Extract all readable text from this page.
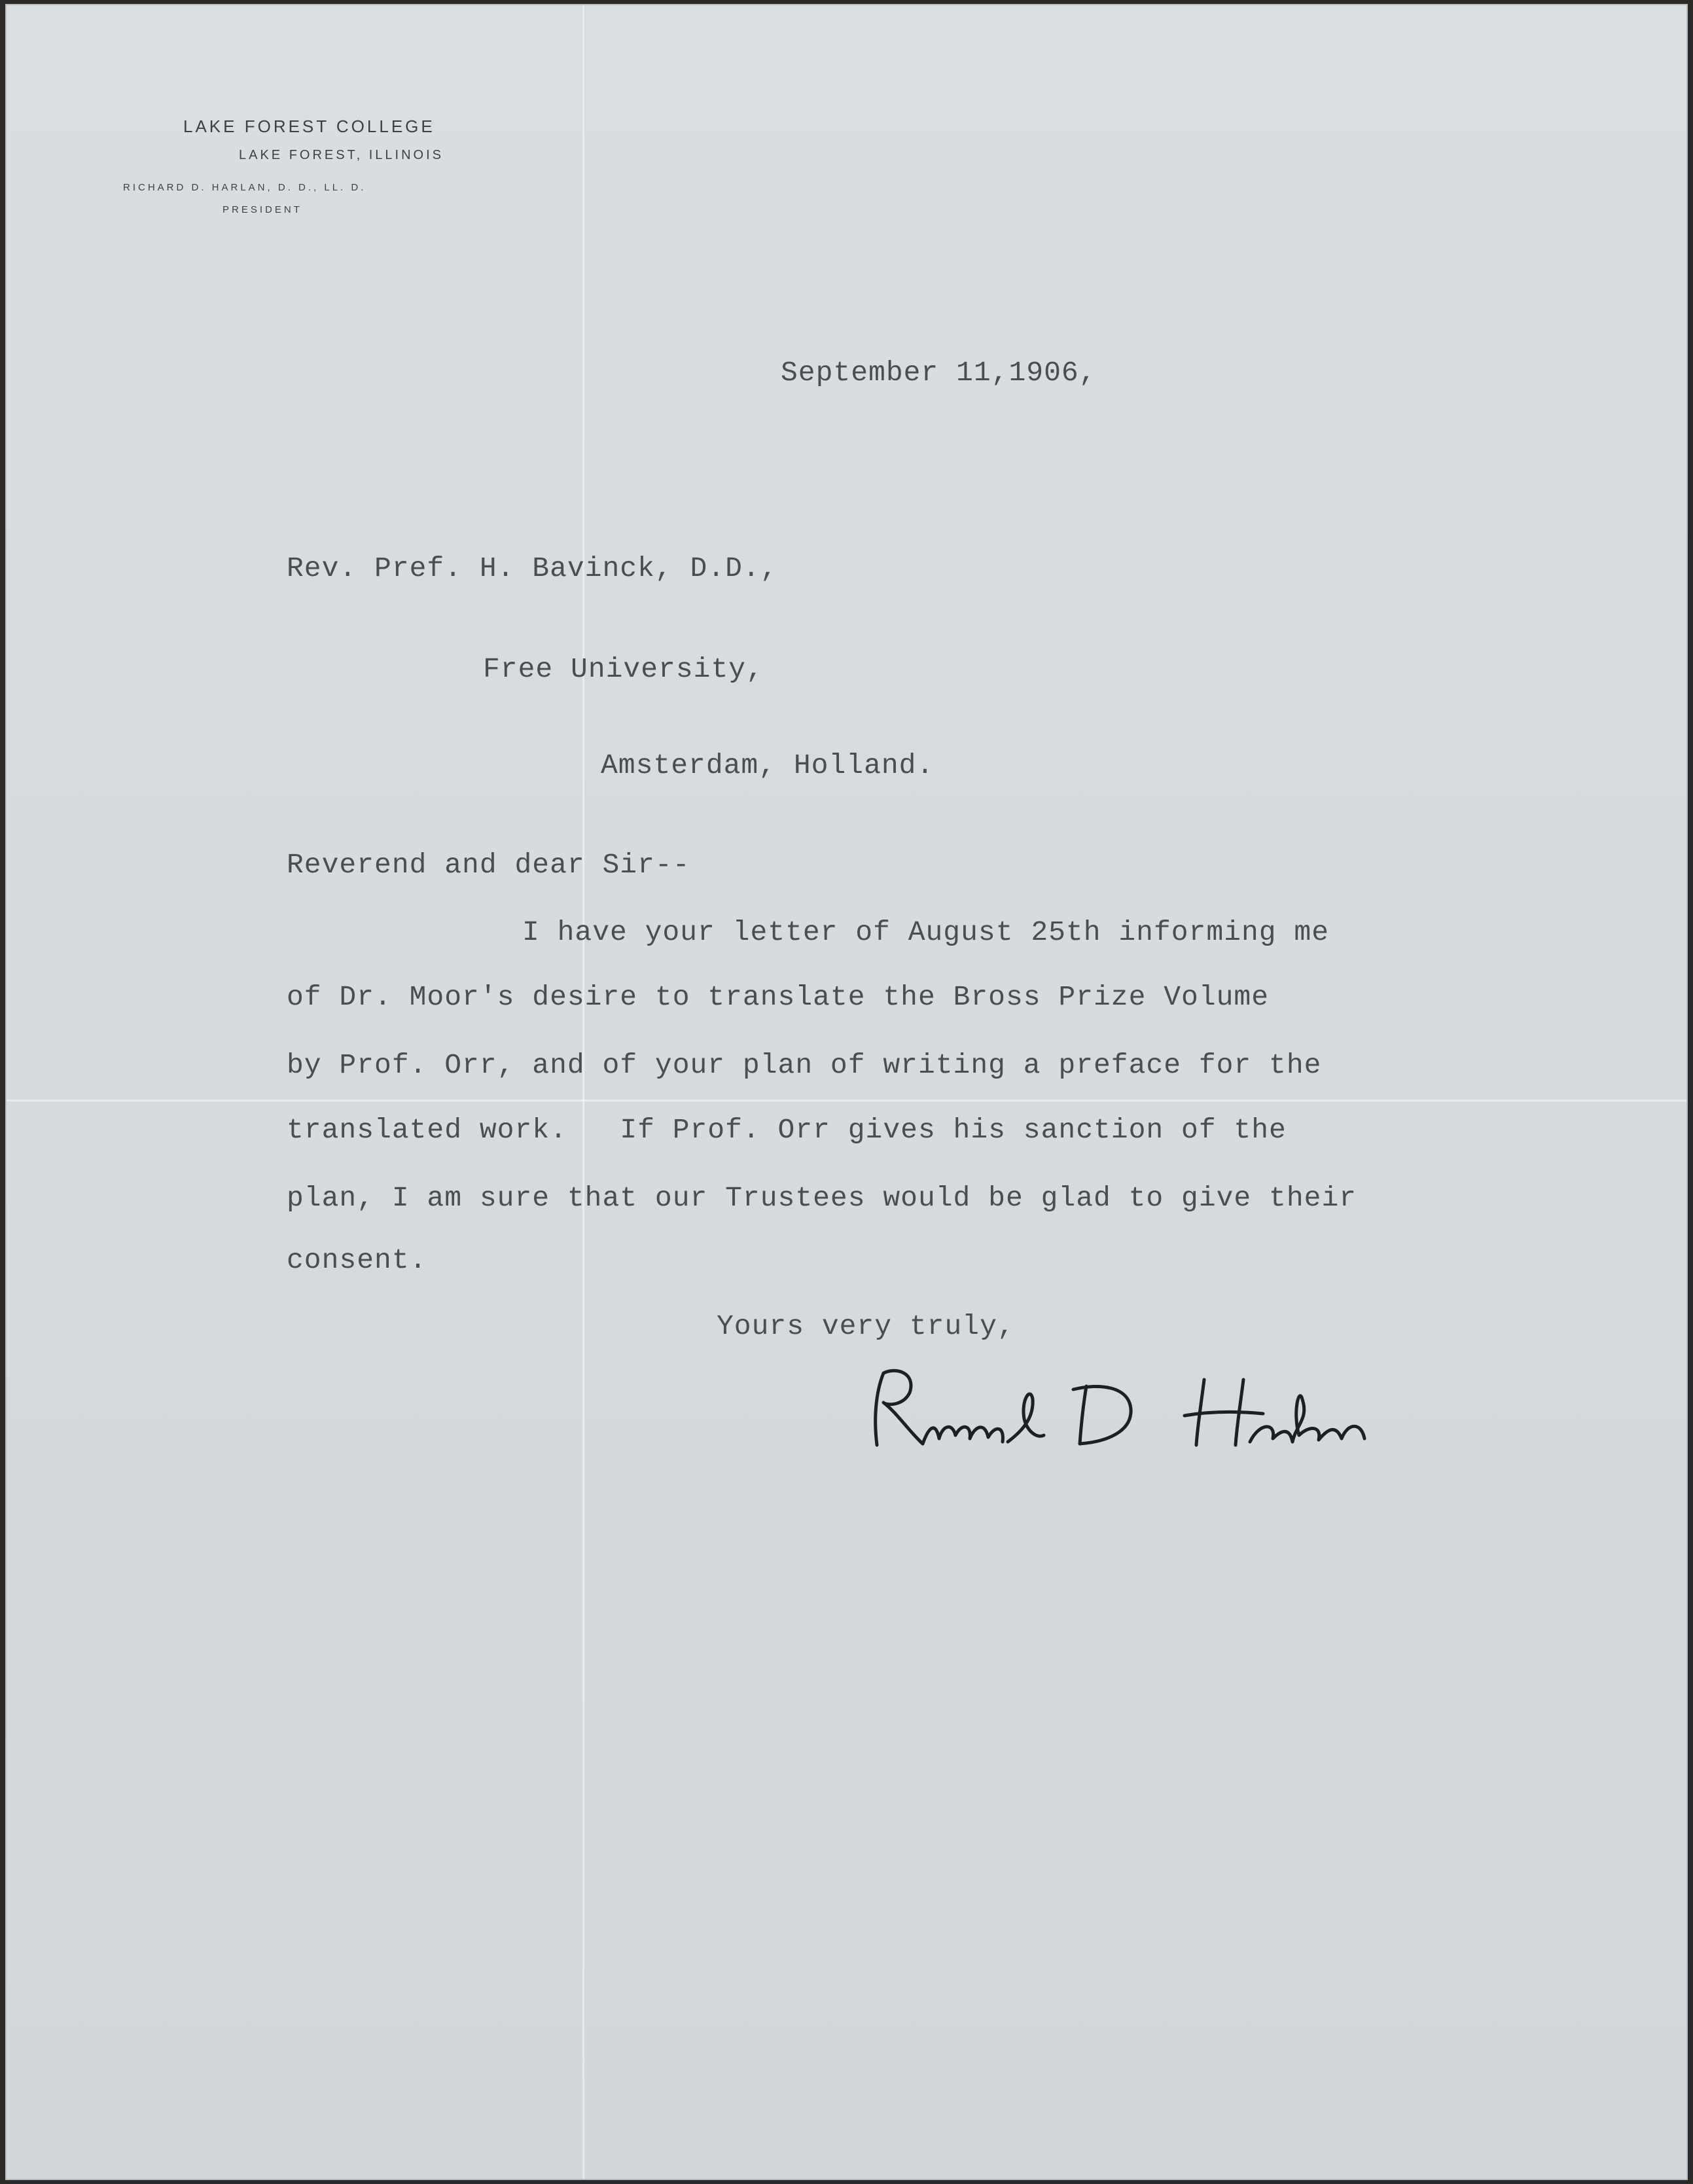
LAKE FOREST COLLEGE
LAKE FOREST, ILLINOIS
RICHARD D. HARLAN, D. D., LL. D.
PRESIDENT
September 11,1906,
Rev. Pref. H. Bavinck, D.D.,
Free University,
Amsterdam, Holland.
Reverend and dear Sir--
I have your letter of August 25th informing me
of Dr. Moor's desire to translate the Bross Prize Volume
by Prof. Orr, and of your plan of writing a preface for the
translated work.   If Prof. Orr gives his sanction of the
plan, I am sure that our Trustees would be glad to give their
consent.
Yours very truly,
